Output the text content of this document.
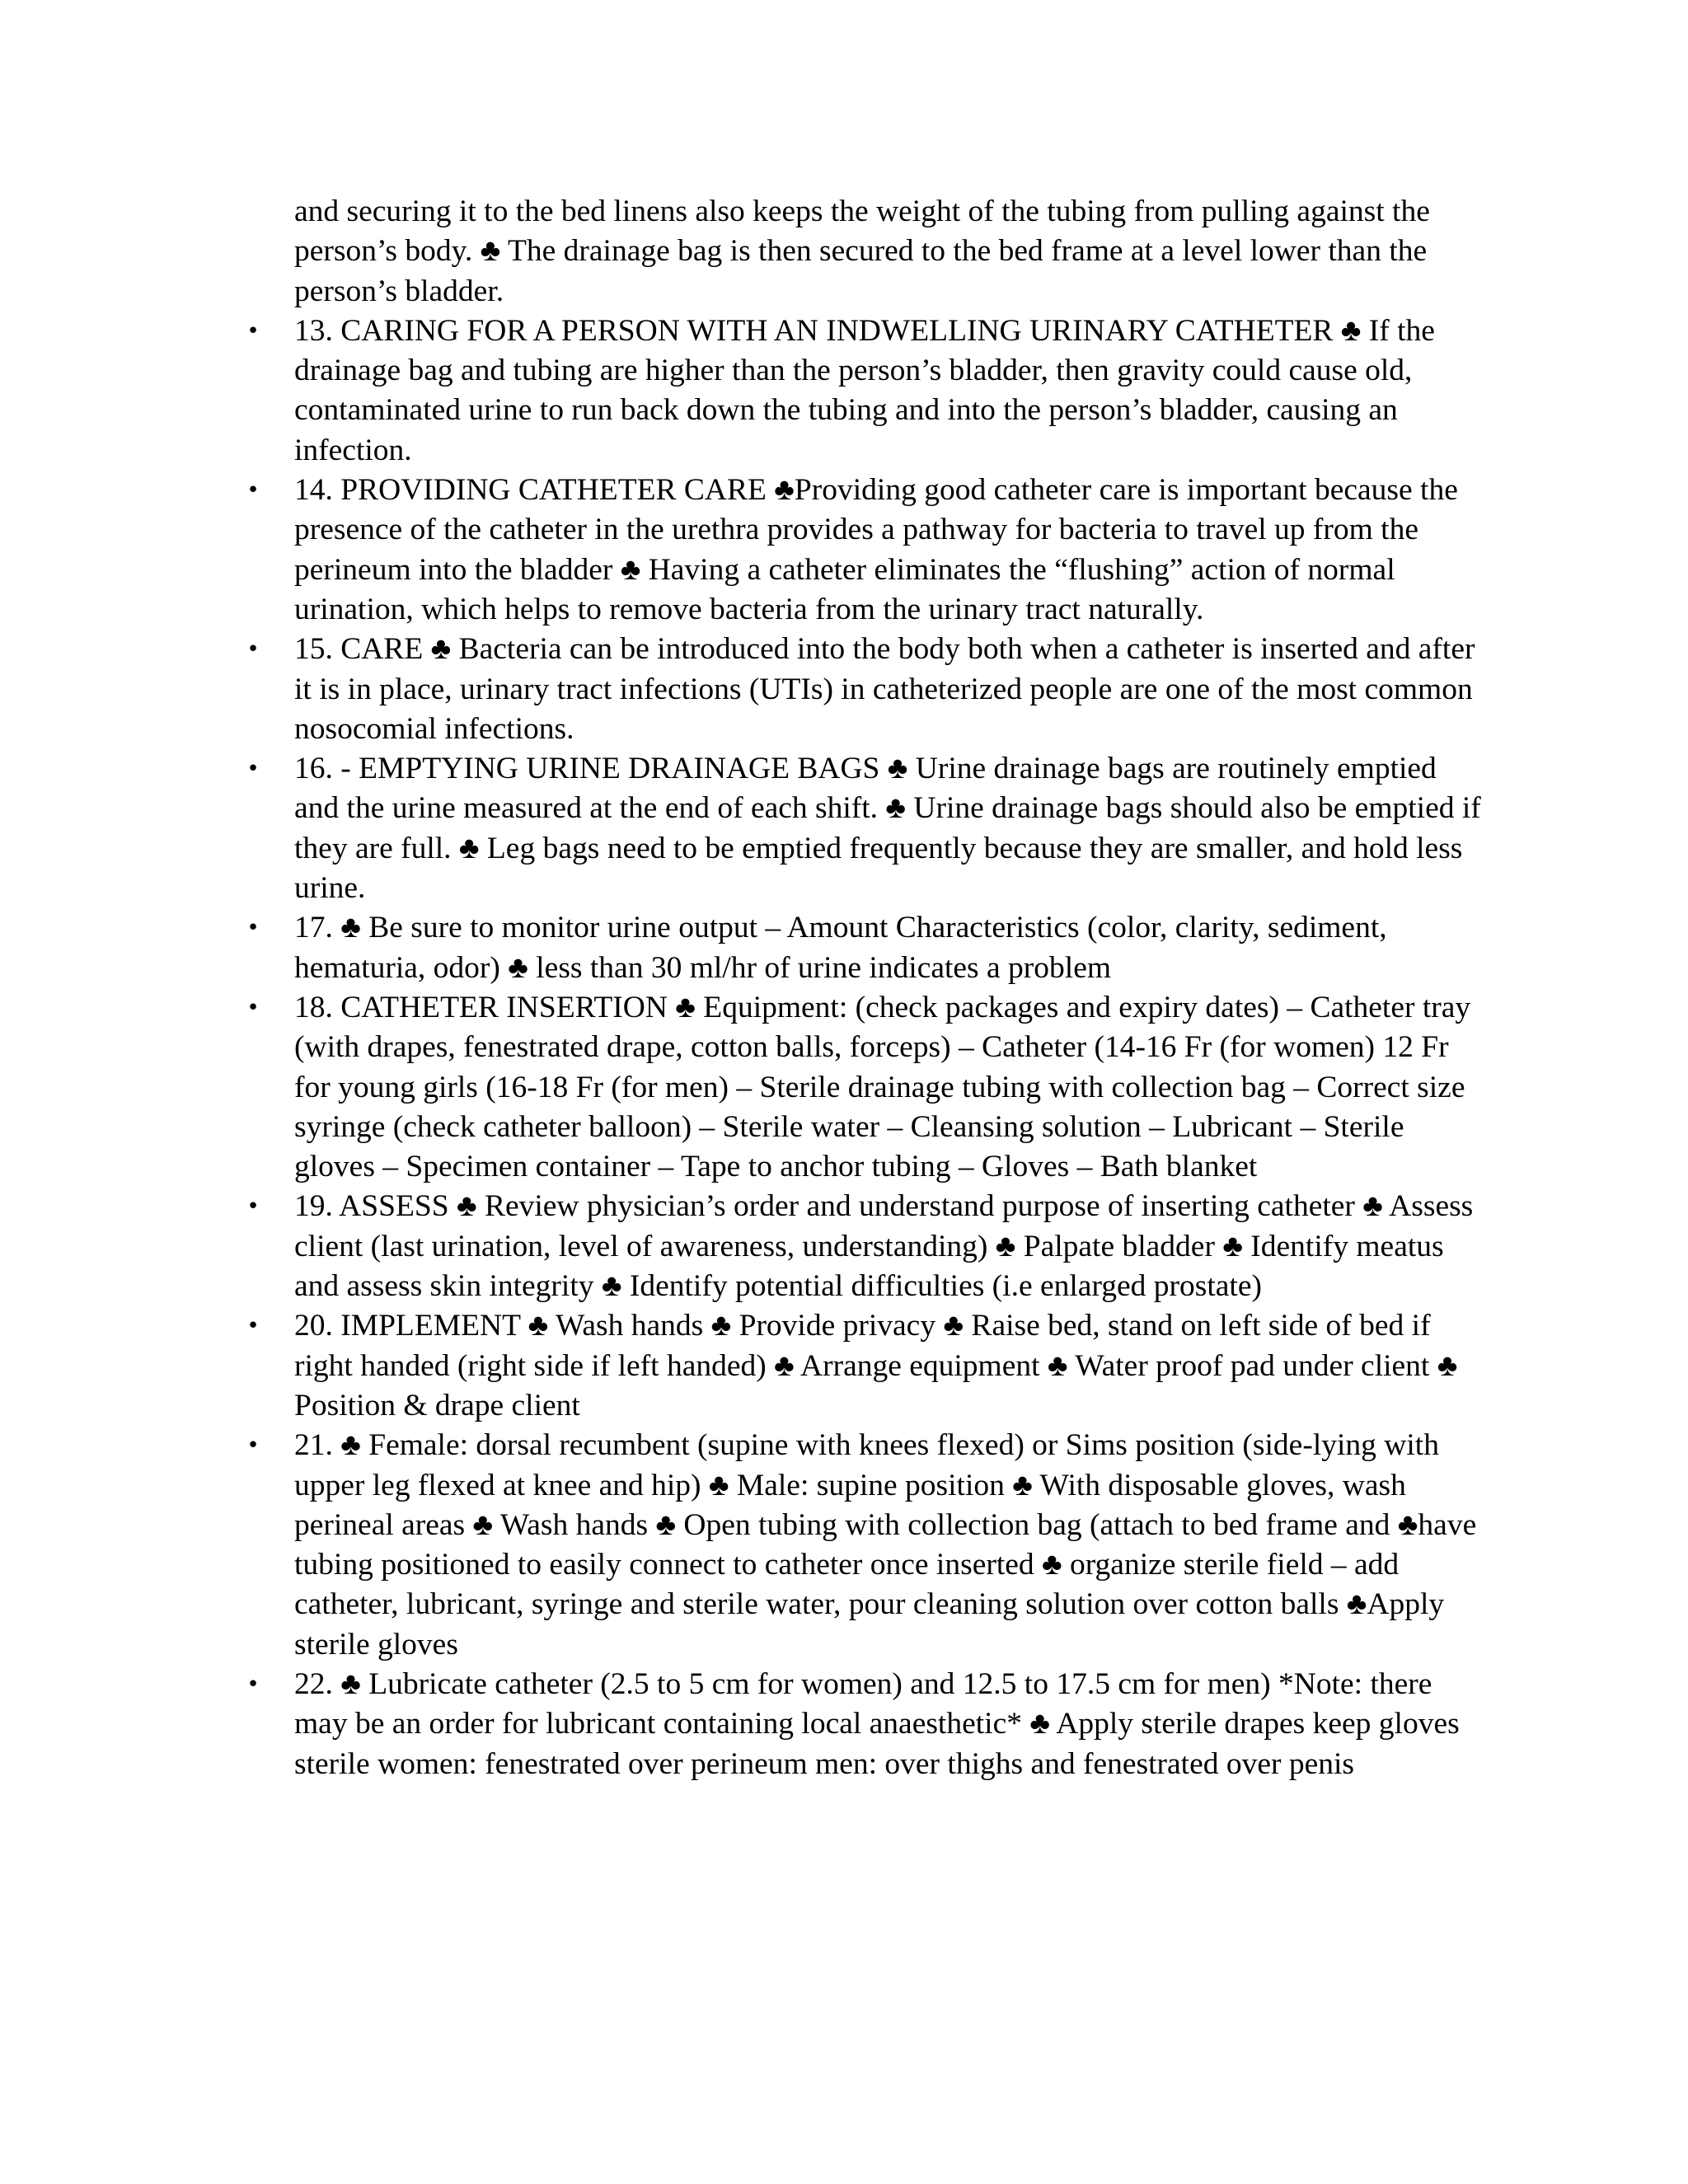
and securing it to the bed linens also keeps the weight of the tubing from pulling against the person’s body. ♣ The drainage bag is then secured to the bed frame at a level lower than the person’s bladder.

• 13. CARING FOR A PERSON WITH AN INDWELLING URINARY CATHETER ♣ If the drainage bag and tubing are higher than the person’s bladder, then gravity could cause old, contaminated urine to run back down the tubing and into the person’s bladder, causing an infection.
• 14. PROVIDING CATHETER CARE ♣Providing good catheter care is important because the presence of the catheter in the urethra provides a pathway for bacteria to travel up from the perineum into the bladder ♣ Having a catheter eliminates the “flushing” action of normal urination, which helps to remove bacteria from the urinary tract naturally.
• 15. CARE ♣ Bacteria can be introduced into the body both when a catheter is inserted and after it is in place, urinary tract infections (UTIs) in catheterized people are one of the most common nosocomial infections.
• 16. - EMPTYING URINE DRAINAGE BAGS ♣ Urine drainage bags are routinely emptied and the urine measured at the end of each shift. ♣ Urine drainage bags should also be emptied if they are full. ♣ Leg bags need to be emptied frequently because they are smaller, and hold less urine.
• 17. ♣ Be sure to monitor urine output – Amount Characteristics (color, clarity, sediment, hematuria, odor) ♣ less than 30 ml/hr of urine indicates a problem
• 18. CATHETER INSERTION ♣ Equipment: (check packages and expiry dates) – Catheter tray (with drapes, fenestrated drape, cotton balls, forceps) – Catheter (14-16 Fr (for women) 12 Fr for young girls (16-18 Fr (for men) – Sterile drainage tubing with collection bag – Correct size syringe (check catheter balloon) – Sterile water – Cleansing solution – Lubricant – Sterile gloves – Specimen container – Tape to anchor tubing – Gloves – Bath blanket
• 19. ASSESS ♣ Review physician’s order and understand purpose of inserting catheter ♣ Assess client (last urination, level of awareness, understanding) ♣ Palpate bladder ♣ Identify meatus and assess skin integrity ♣ Identify potential difficulties (i.e enlarged prostate)
• 20. IMPLEMENT ♣ Wash hands ♣ Provide privacy ♣ Raise bed, stand on left side of bed if right handed (right side if left handed) ♣ Arrange equipment ♣ Water proof pad under client ♣ Position & drape client
• 21. ♣ Female: dorsal recumbent (supine with knees flexed) or Sims position (side-lying with upper leg flexed at knee and hip) ♣ Male: supine position ♣ With disposable gloves, wash perineal areas ♣ Wash hands ♣ Open tubing with collection bag (attach to bed frame and ♣have tubing positioned to easily connect to catheter once inserted ♣ organize sterile field – add catheter, lubricant, syringe and sterile water, pour cleaning solution over cotton balls ♣Apply sterile gloves
• 22. ♣ Lubricate catheter (2.5 to 5 cm for women) and 12.5 to 17.5 cm for men) *Note: there may be an order for lubricant containing local anaesthetic* ♣ Apply sterile drapes keep gloves sterile women: fenestrated over perineum men: over thighs and fenestrated over penis
